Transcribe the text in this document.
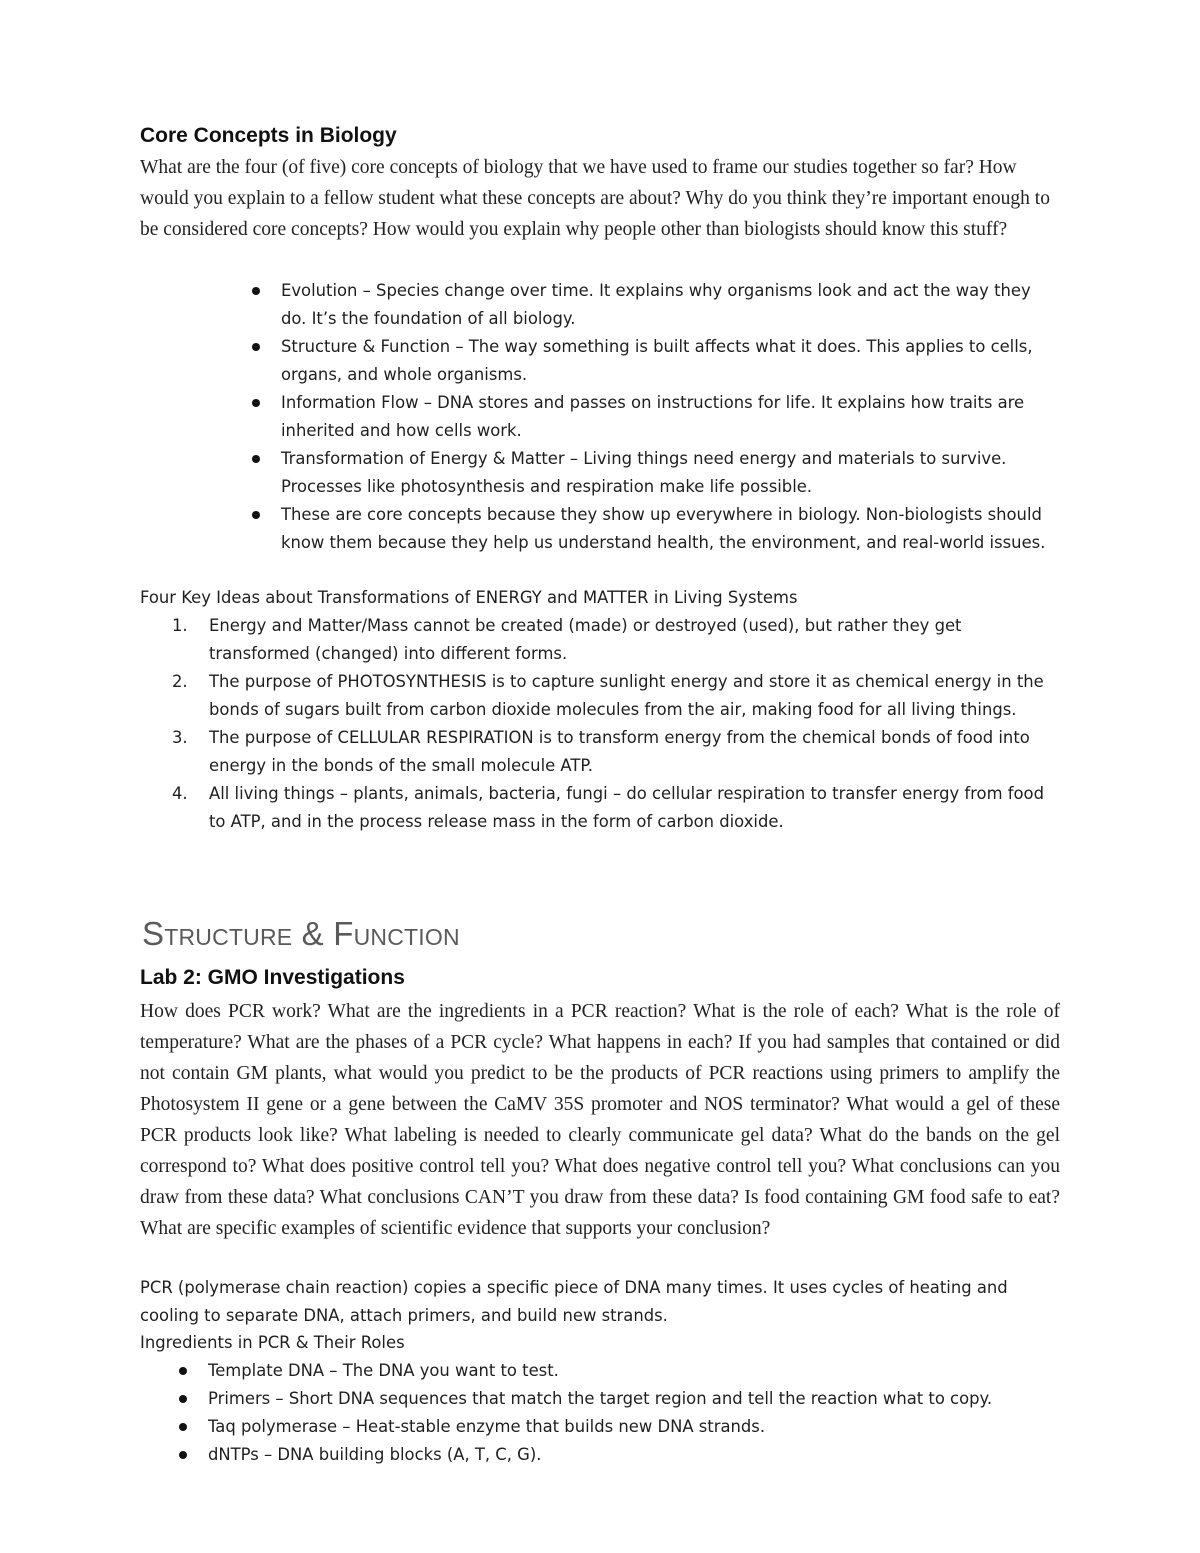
Core Concepts in Biology

What are the four (of five) core concepts of biology that we have used to frame our studies together so far? How would you explain to a fellow student what these concepts are about? Why do you think they’re important enough to be considered core concepts? How would you explain why people other than biologists should know this stuff?

Evolution – Species change over time. It explains why organisms look and act the way they do. It’s the foundation of all biology.
Structure & Function – The way something is built affects what it does. This applies to cells, organs, and whole organisms.
Information Flow – DNA stores and passes on instructions for life. It explains how traits are inherited and how cells work.
Transformation of Energy & Matter – Living things need energy and materials to survive. Processes like photosynthesis and respiration make life possible.
These are core concepts because they show up everywhere in biology. Non-biologists should know them because they help us understand health, the environment, and real-world issues.

Four Key Ideas about Transformations of ENERGY and MATTER in Living Systems

1.	Energy and Matter/Mass cannot be created (made) or destroyed (used), but rather they get transformed (changed) into different forms.
2.	The purpose of PHOTOSYNTHESIS is to capture sunlight energy and store it as chemical energy in the bonds of sugars built from carbon dioxide molecules from the air, making food for all living things.
3.	The purpose of CELLULAR RESPIRATION is to transform energy from the chemical bonds of food into energy in the bonds of the small molecule ATP.
4.	All living things – plants, animals, bacteria, fungi – do cellular respiration to transfer energy from food to ATP, and in the process release mass in the form of carbon dioxide.
Structure & Function
Lab 2: GMO Investigations

How does PCR work? What are the ingredients in a PCR reaction? What is the role of each? What is the role of temperature? What are the phases of a PCR cycle? What happens in each? If you had samples that contained or did not contain GM plants, what would you predict to be the products of PCR reactions using primers to amplify the Photosystem II gene or a gene between the CaMV 35S promoter and NOS terminator? What would a gel of these PCR products look like? What labeling is needed to clearly communicate gel data? What do the bands on the gel correspond to? What does positive control tell you? What does negative control tell you? What conclusions can you draw from these data? What conclusions CAN’T you draw from these data? Is food containing GM food safe to eat? What are specific examples of scientific evidence that supports your conclusion?

PCR (polymerase chain reaction) copies a specific piece of DNA many times. It uses cycles of heating and cooling to separate DNA, attach primers, and build new strands.

Ingredients in PCR & Their Roles

Template DNA – The DNA you want to test.
Primers – Short DNA sequences that match the target region and tell the reaction what to copy.
Taq polymerase – Heat-stable enzyme that builds new DNA strands.
dNTPs – DNA building blocks (A, T, C, G).
